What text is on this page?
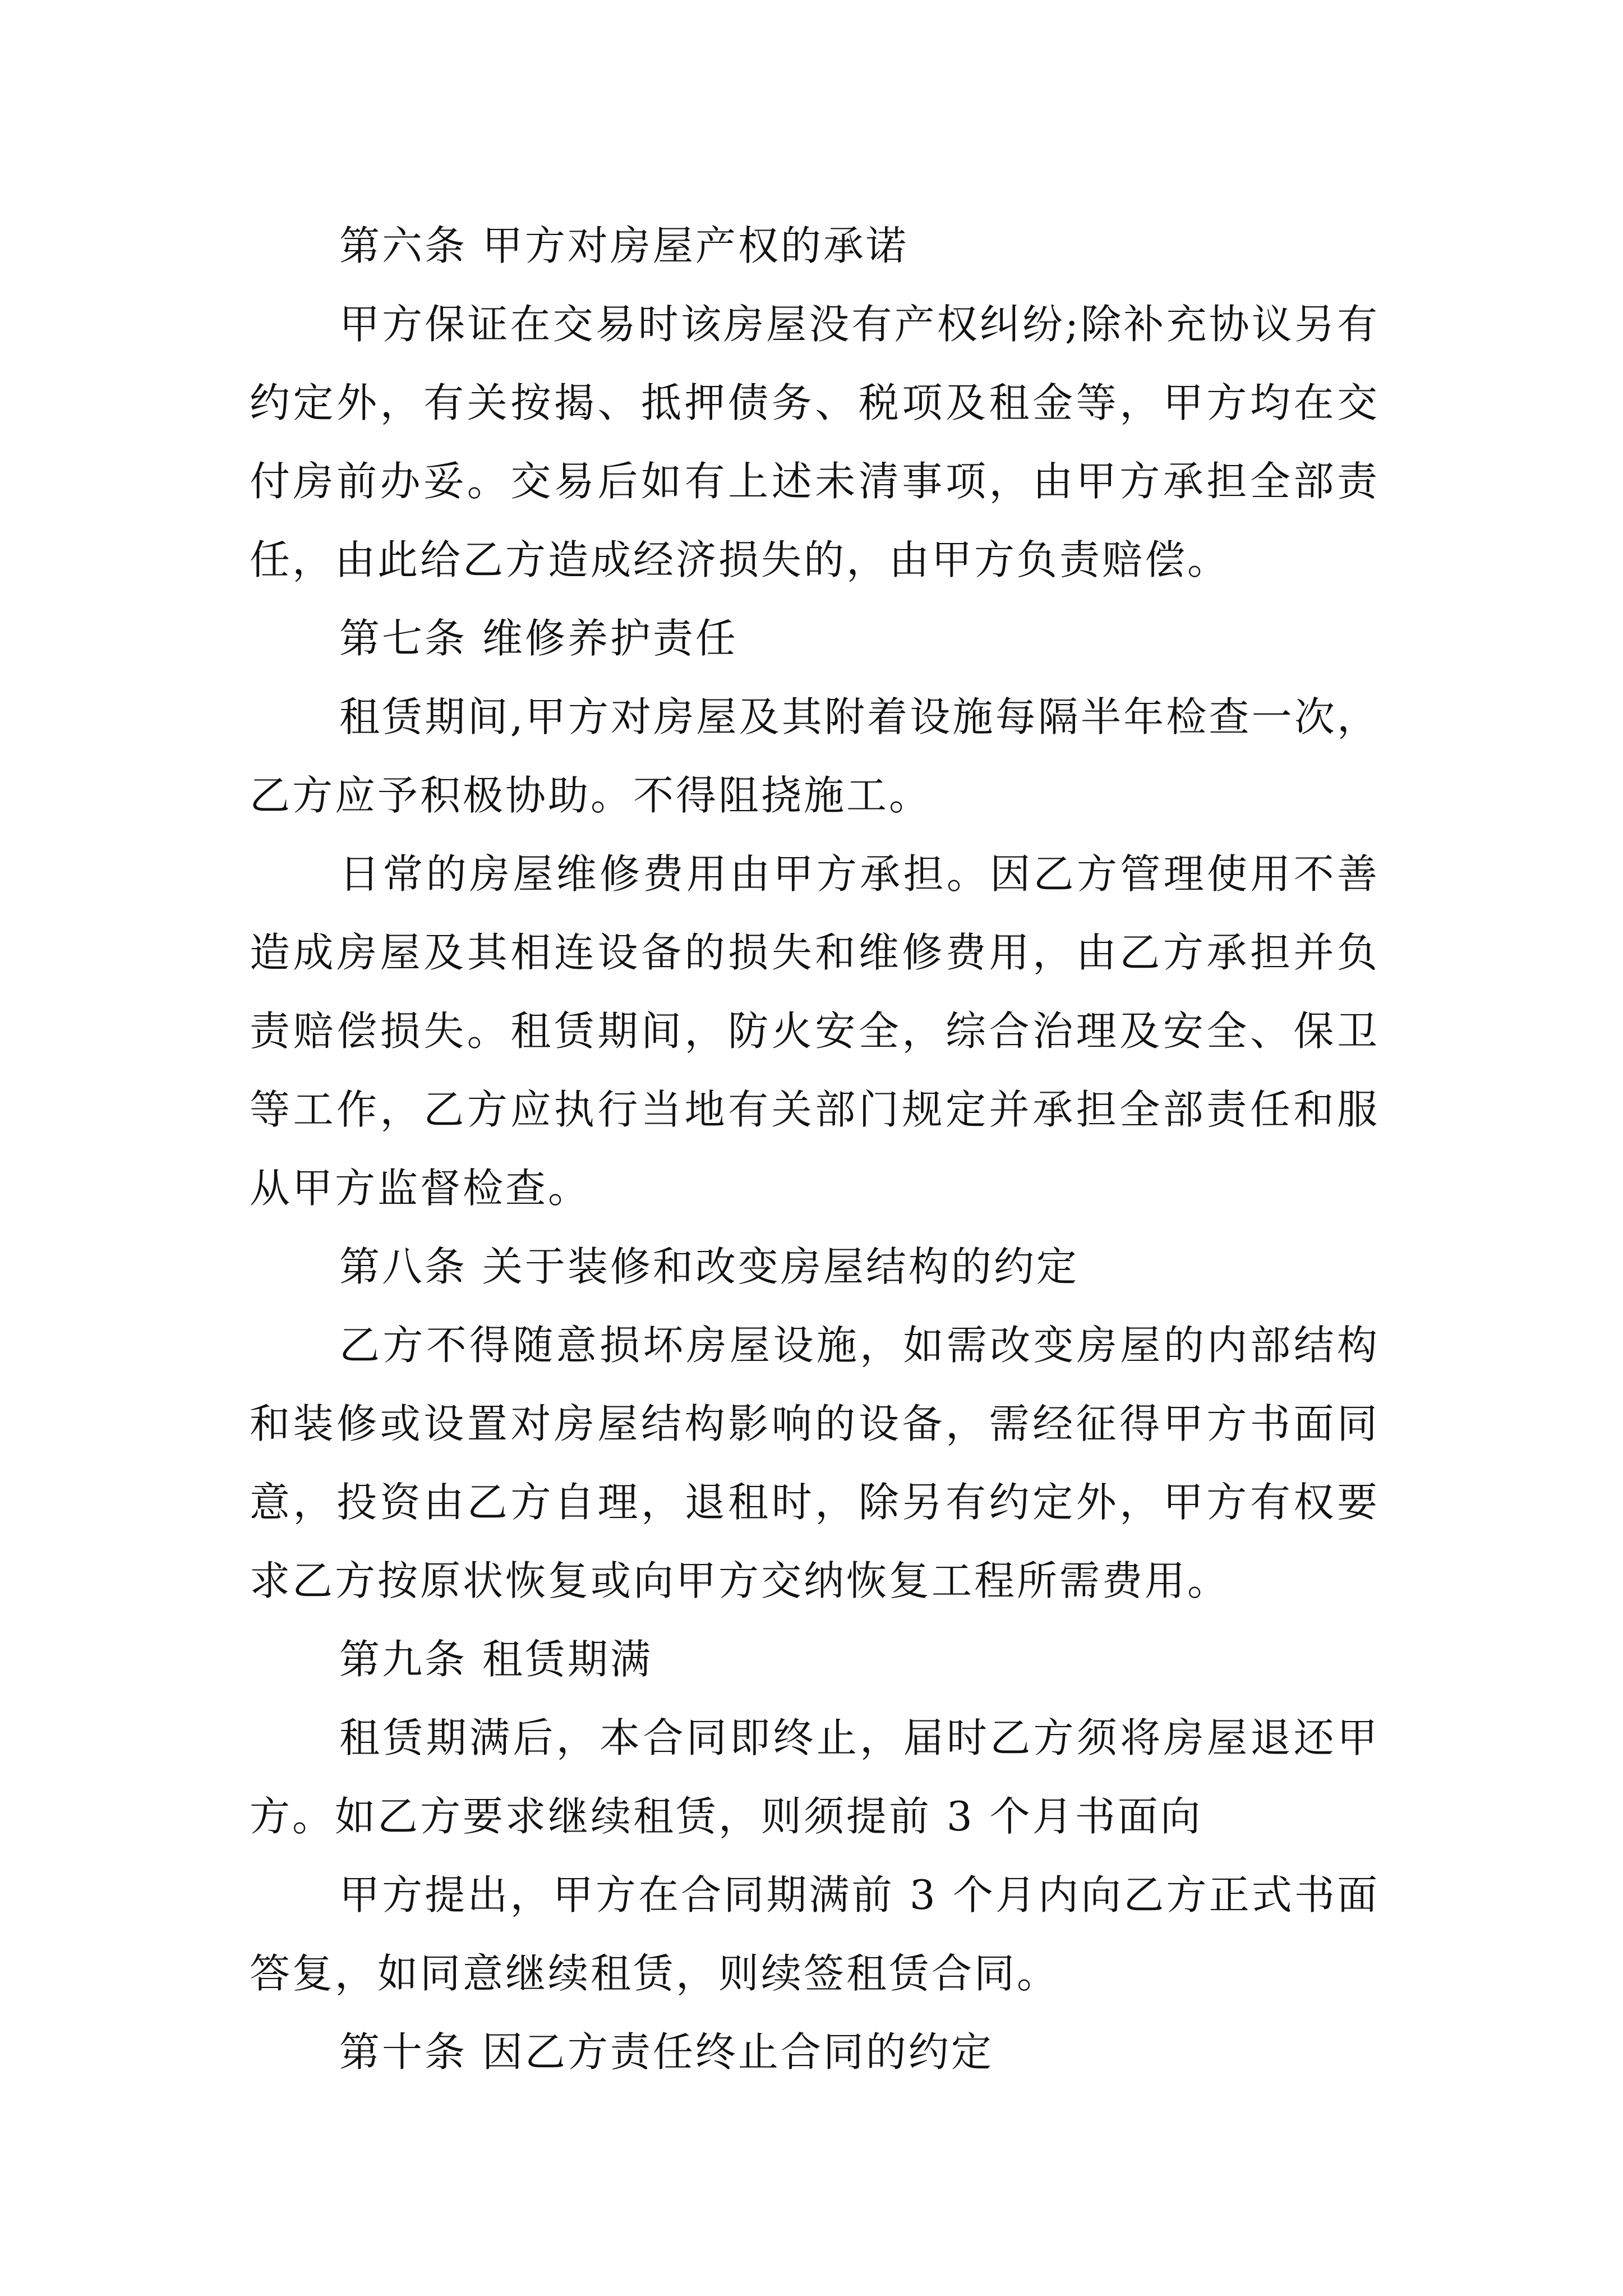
第六条 甲方对房屋产权的承诺

甲方保证在交易时该房屋没有产权纠纷;除补充协议另有约定外，有关按揭、抵押债务、税项及租金等，甲方均在交付房前办妥。交易后如有上述未清事项，由甲方承担全部责任，由此给乙方造成经济损失的，由甲方负责赔偿。

第七条 维修养护责任

租赁期间,甲方对房屋及其附着设施每隔半年检查一次，乙方应予积极协助。不得阻挠施工。

日常的房屋维修费用由甲方承担。因乙方管理使用不善造成房屋及其相连设备的损失和维修费用，由乙方承担并负责赔偿损失。租赁期间，防火安全，综合治理及安全、保卫等工作，乙方应执行当地有关部门规定并承担全部责任和服从甲方监督检查。

第八条 关于装修和改变房屋结构的约定

乙方不得随意损坏房屋设施，如需改变房屋的内部结构和装修或设置对房屋结构影响的设备，需经征得甲方书面同意，投资由乙方自理，退租时，除另有约定外，甲方有权要求乙方按原状恢复或向甲方交纳恢复工程所需费用。

第九条 租赁期满

租赁期满后，本合同即终止，届时乙方须将房屋退还甲方。如乙方要求继续租赁，则须提前 3 个月书面向

甲方提出，甲方在合同期满前 3 个月内向乙方正式书面答复，如同意继续租赁，则续签租赁合同。

第十条 因乙方责任终止合同的约定
